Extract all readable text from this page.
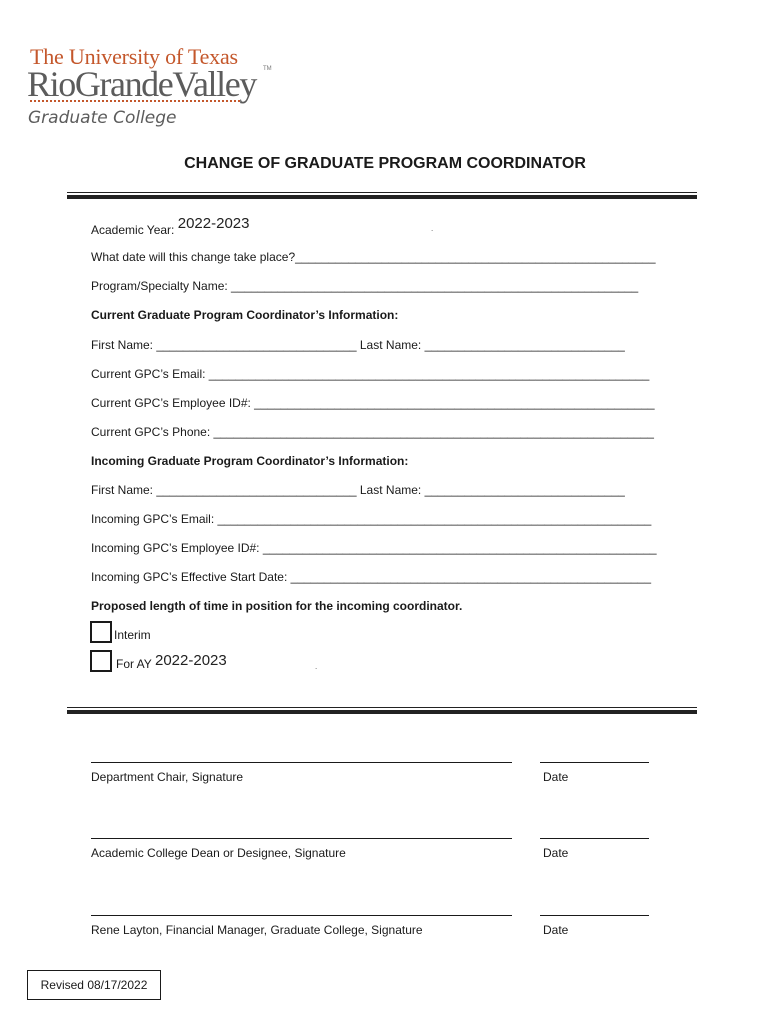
The University of Texas
RioGrandeValley TM
Graduate College
CHANGE OF GRADUATE PROGRAM COORDINATOR
Academic Year: 2022-2023	.
What date will this change take place?______________________________________________________
Program/Specialty Name: _____________________________________________________________
Current Graduate Program Coordinator’s Information:
First Name: ______________________________ Last Name: ______________________________
Current GPC’s Email: __________________________________________________________________
Current GPC’s Employee ID#: ____________________________________________________________
Current GPC’s Phone: __________________________________________________________________
Incoming Graduate Program Coordinator’s Information:
First Name: ______________________________ Last Name: ______________________________
Incoming GPC’s Email: _________________________________________________________________
Incoming GPC’s Employee ID#: ___________________________________________________________
Incoming GPC’s Effective Start Date: ______________________________________________________
Proposed length of time in position for the incoming coordinator.
Interim
For AY 2022-2023	.
Department Chair, Signature	Date
Academic College Dean or Designee, Signature	Date
Rene Layton, Financial Manager, Graduate College, Signature	Date
Revised 08/17/2022
